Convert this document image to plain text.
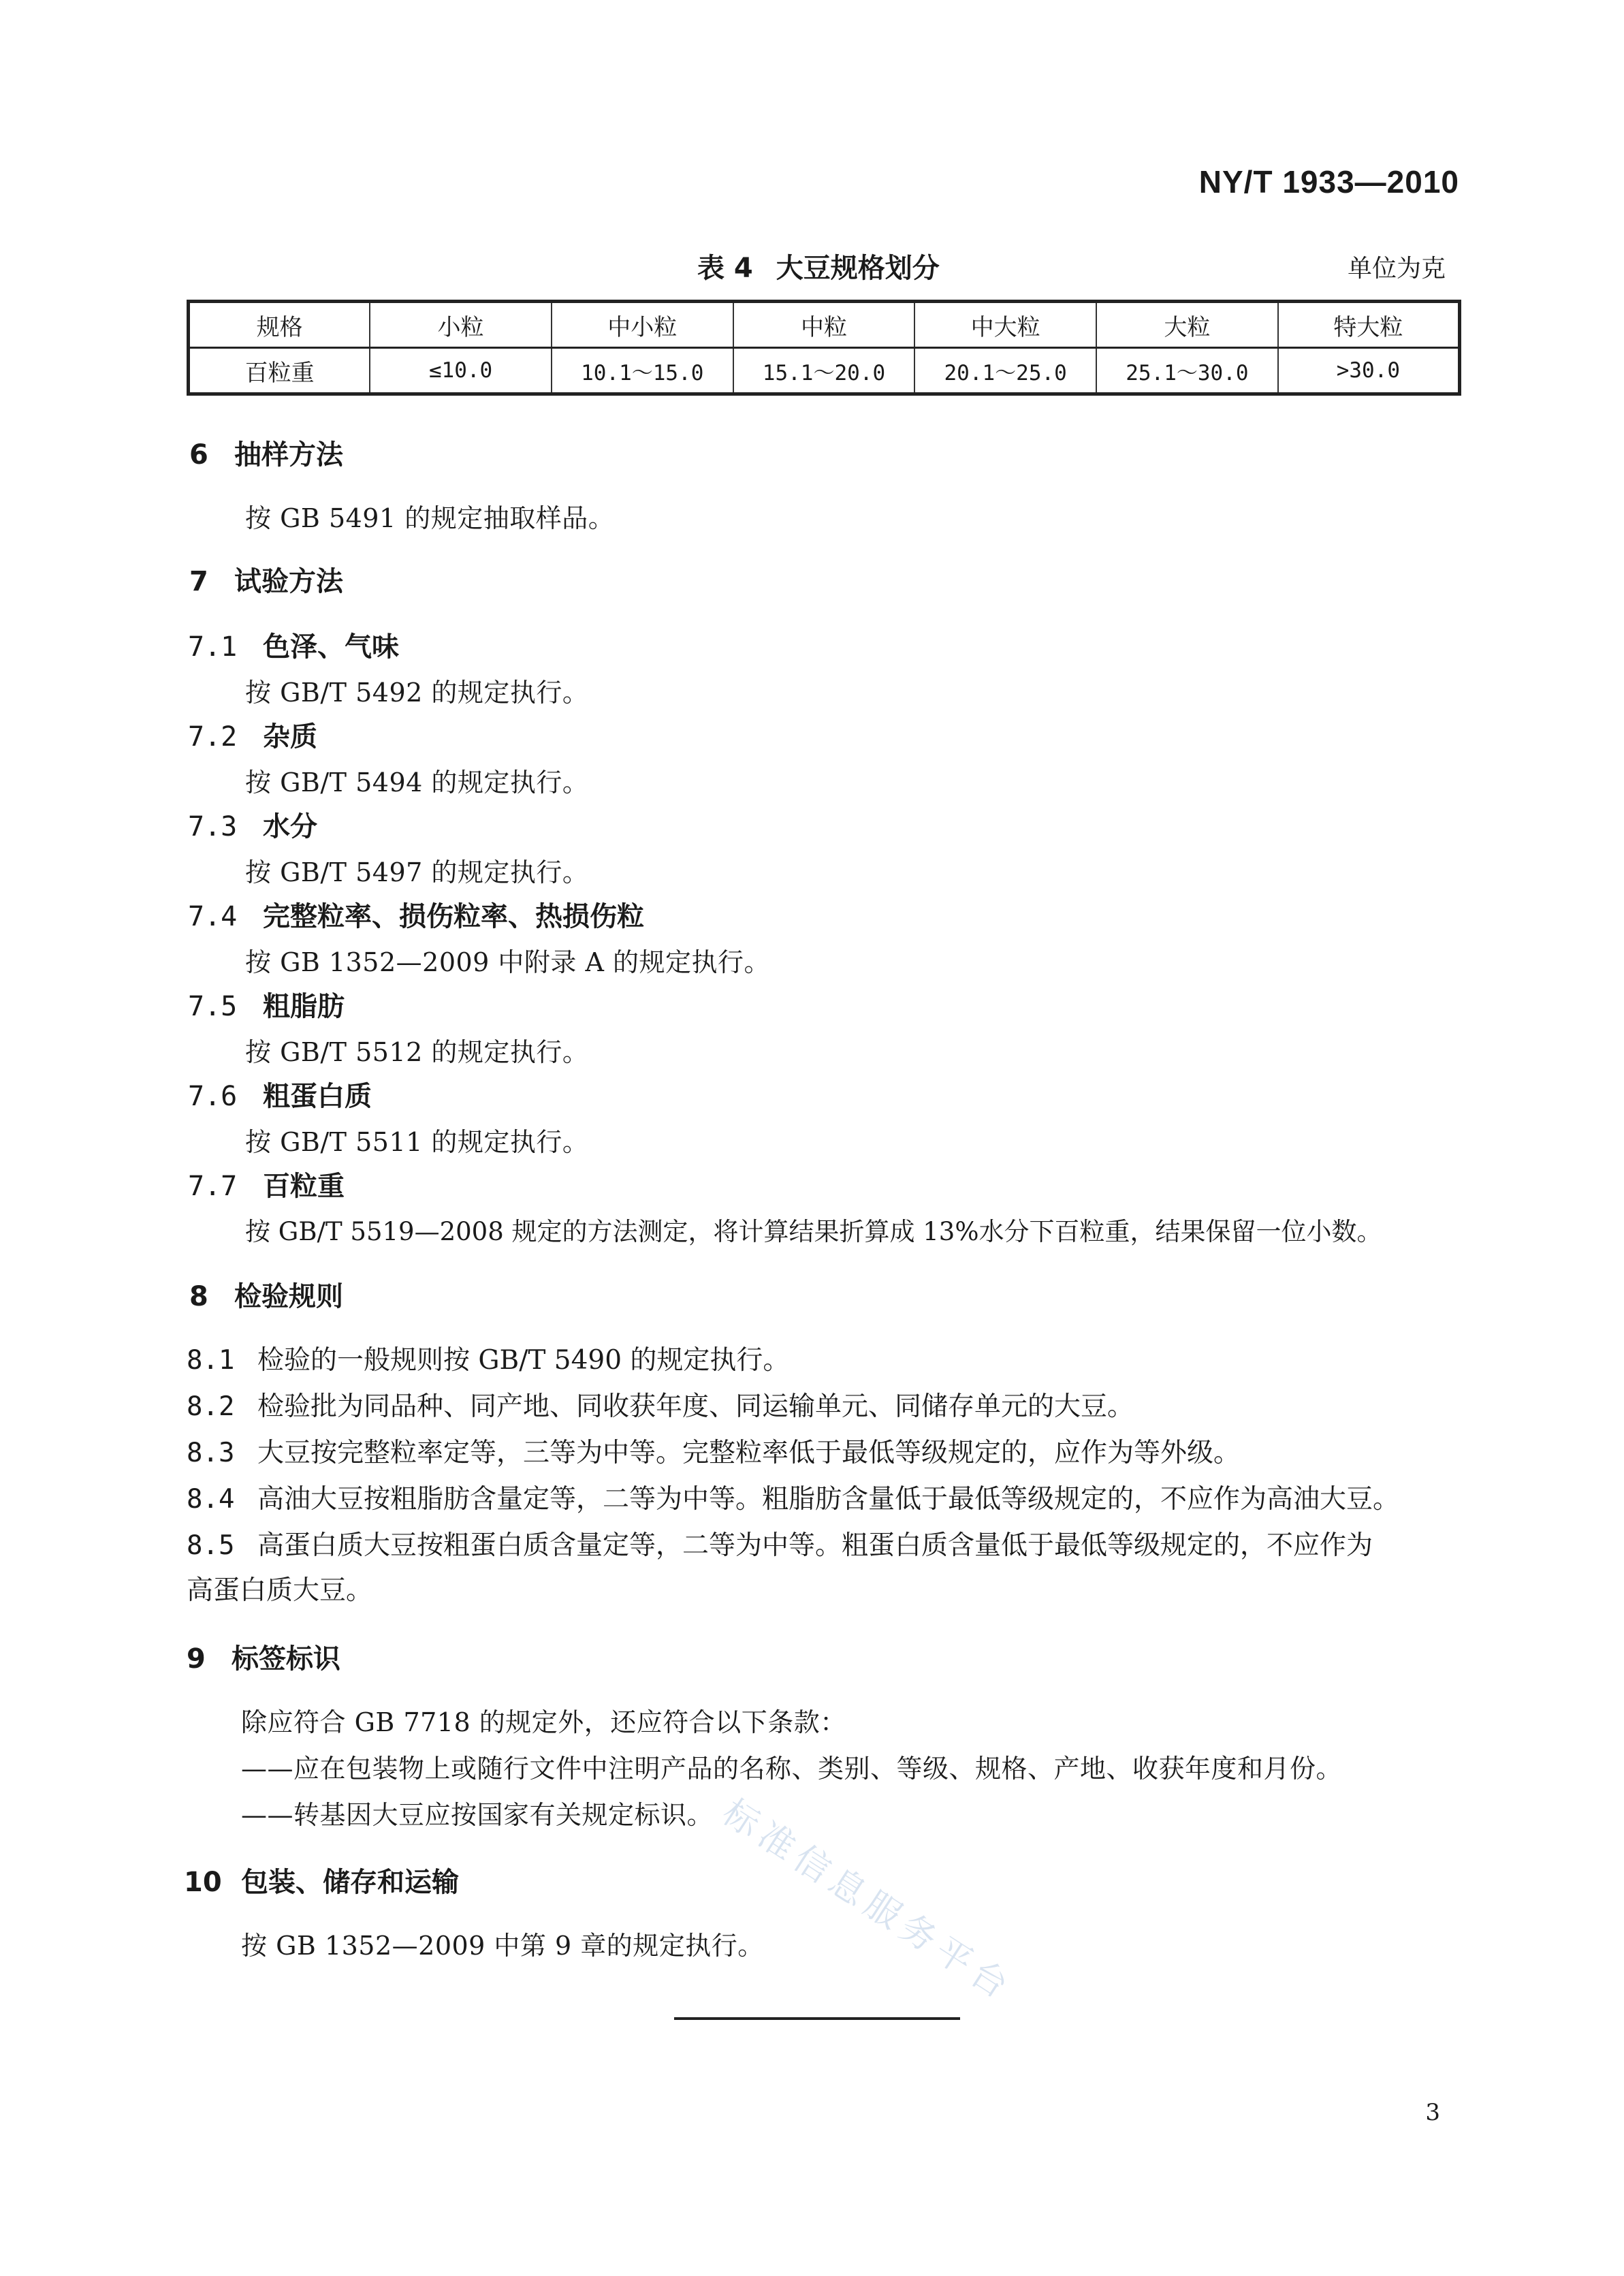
NY/T 1933—2010
表 4 大豆规格划分	单位为克
规格	小粒	中小粒	中粒	中大粒	大粒	特大粒
百粒重	≤10.0	10.1～15.0	15.1～20.0	20.1～25.0	25.1～30.0	>30.0
6 抽样方法
按 GB 5491 的规定抽取样品。
7 试验方法
7.1 色泽、气味
按 GB/T 5492 的规定执行。
7.2 杂质
按 GB/T 5494 的规定执行。
7.3 水分
按 GB/T 5497 的规定执行。
7.4 完整粒率、损伤粒率、热损伤粒
按 GB 1352—2009 中附录 A 的规定执行。
7.5 粗脂肪
按 GB/T 5512 的规定执行。
7.6 粗蛋白质
按 GB/T 5511 的规定执行。
7.7 百粒重
按 GB/T 5519—2008 规定的方法测定，将计算结果折算成 13%水分下百粒重，结果保留一位小数。
8 检验规则
8.1 检验的一般规则按 GB/T 5490 的规定执行。
8.2 检验批为同品种、同产地、同收获年度、同运输单元、同储存单元的大豆。
8.3 大豆按完整粒率定等，三等为中等。完整粒率低于最低等级规定的，应作为等外级。
8.4 高油大豆按粗脂肪含量定等，二等为中等。粗脂肪含量低于最低等级规定的，不应作为高油大豆。
8.5 高蛋白质大豆按粗蛋白质含量定等，二等为中等。粗蛋白质含量低于最低等级规定的，不应作为
高蛋白质大豆。
9 标签标识
除应符合 GB 7718 的规定外，还应符合以下条款：
——应在包装物上或随行文件中注明产品的名称、类别、等级、规格、产地、收获年度和月份。
——转基因大豆应按国家有关规定标识。
10 包装、储存和运输
按 GB 1352—2009 中第 9 章的规定执行。
标准信息服务平台
3
